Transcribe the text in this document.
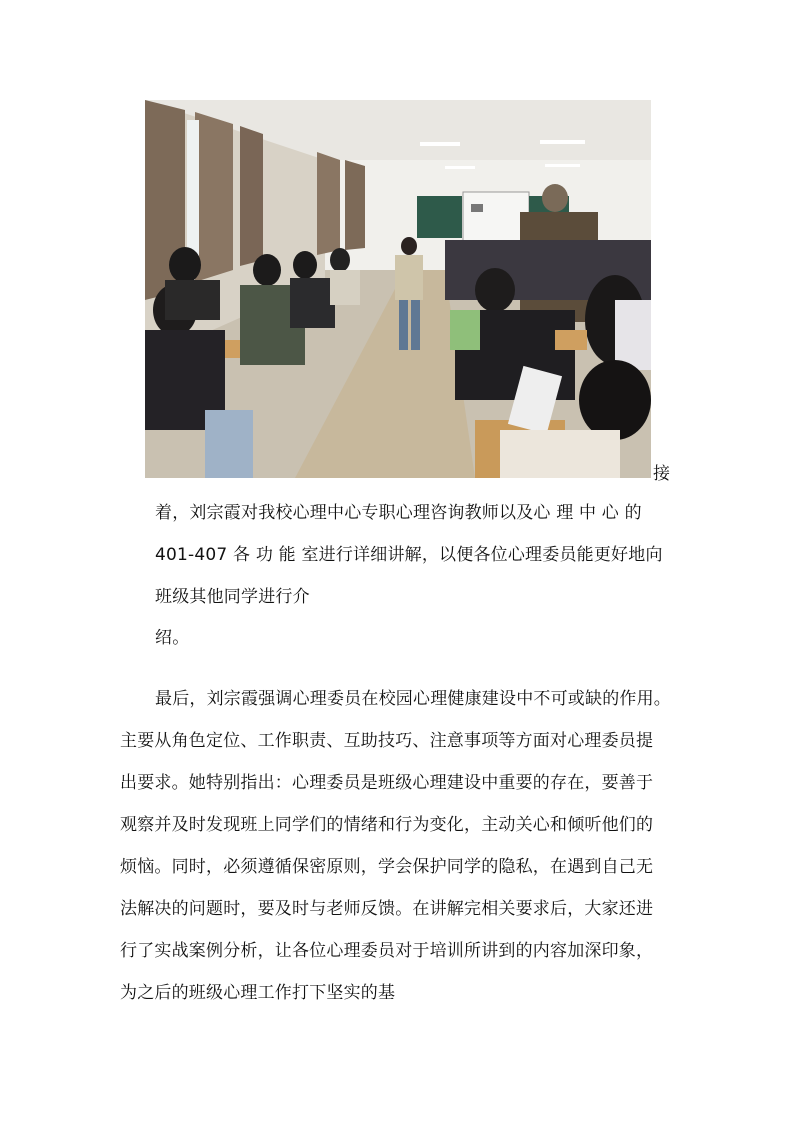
接
着，刘宗霞对我校心理中心专职心理咨询教师以及心 理 中 心 的
401-407 各 功 能 室进行详细讲解，以便各位心理委员能更好地向
班级其他同学进行介
绍。
最后，刘宗霞强调心理委员在校园心理健康建设中不可或缺的作用。
主要从角色定位、工作职责、互助技巧、注意事项等方面对心理委员提
出要求。她特别指出：心理委员是班级心理建设中重要的存在，要善于
观察并及时发现班上同学们的情绪和行为变化，主动关心和倾听他们的
烦恼。同时，必须遵循保密原则，学会保护同学的隐私，在遇到自己无
法解决的问题时，要及时与老师反馈。在讲解完相关要求后，大家还进
行了实战案例分析，让各位心理委员对于培训所讲到的内容加深印象，
为之后的班级心理工作打下坚实的基
